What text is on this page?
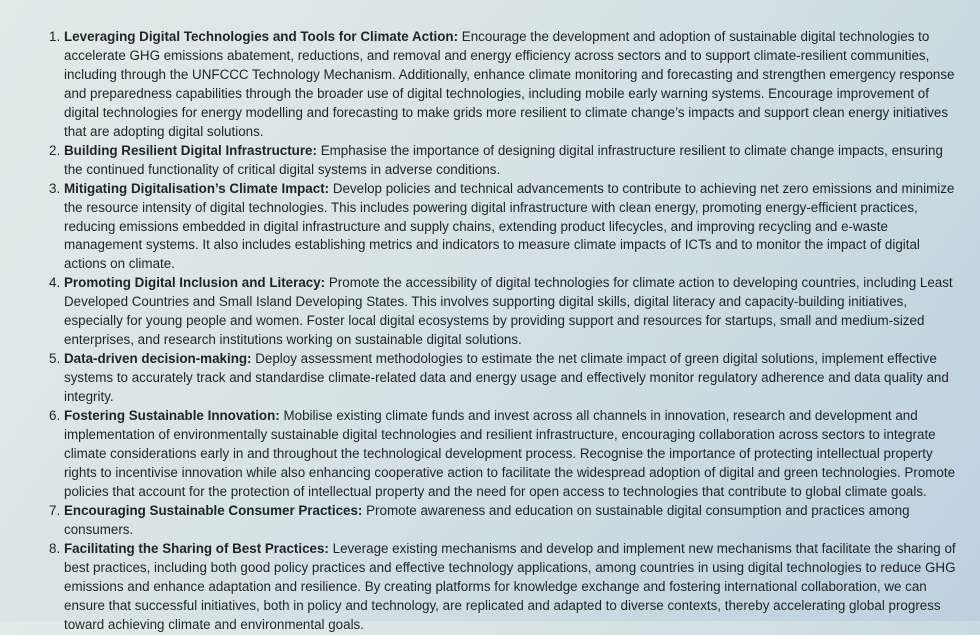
Leveraging Digital Technologies and Tools for Climate Action: Encourage the development and adoption of sustainable digital technologies to accelerate GHG emissions abatement, reductions, and removal and energy efficiency across sectors and to support climate-resilient communities, including through the UNFCCC Technology Mechanism. Additionally, enhance climate monitoring and forecasting and strengthen emergency response and preparedness capabilities through the broader use of digital technologies, including mobile early warning systems. Encourage improvement of digital technologies for energy modelling and forecasting to make grids more resilient to climate change’s impacts and support clean energy initiatives that are adopting digital solutions.
Building Resilient Digital Infrastructure: Emphasise the importance of designing digital infrastructure resilient to climate change impacts, ensuring the continued functionality of critical digital systems in adverse conditions.
Mitigating Digitalisation’s Climate Impact: Develop policies and technical advancements to contribute to achieving net zero emissions and minimize the resource intensity of digital technologies. This includes powering digital infrastructure with clean energy, promoting energy-efficient practices, reducing emissions embedded in digital infrastructure and supply chains, extending product lifecycles, and improving recycling and e-waste management systems. It also includes establishing metrics and indicators to measure climate impacts of ICTs and to monitor the impact of digital actions on climate.
Promoting Digital Inclusion and Literacy: Promote the accessibility of digital technologies for climate action to developing countries, including Least Developed Countries and Small Island Developing States. This involves supporting digital skills, digital literacy and capacity-building initiatives, especially for young people and women. Foster local digital ecosystems by providing support and resources for startups, small and medium-sized enterprises, and research institutions working on sustainable digital solutions.
Data-driven decision-making: Deploy assessment methodologies to estimate the net climate impact of green digital solutions, implement effective systems to accurately track and standardise climate-related data and energy usage and effectively monitor regulatory adherence and data quality and integrity.
Fostering Sustainable Innovation: Mobilise existing climate funds and invest across all channels in innovation, research and development and implementation of environmentally sustainable digital technologies and resilient infrastructure, encouraging collaboration across sectors to integrate climate considerations early in and throughout the technological development process. Recognise the importance of protecting intellectual property rights to incentivise innovation while also enhancing cooperative action to facilitate the widespread adoption of digital and green technologies. Promote policies that account for the protection of intellectual property and the need for open access to technologies that contribute to global climate goals.
Encouraging Sustainable Consumer Practices: Promote awareness and education on sustainable digital consumption and practices among consumers.
Facilitating the Sharing of Best Practices: Leverage existing mechanisms and develop and implement new mechanisms that facilitate the sharing of best practices, including both good policy practices and effective technology applications, among countries in using digital technologies to reduce GHG emissions and enhance adaptation and resilience. By creating platforms for knowledge exchange and fostering international collaboration, we can ensure that successful initiatives, both in policy and technology, are replicated and adapted to diverse contexts, thereby accelerating global progress toward achieving climate and environmental goals.
